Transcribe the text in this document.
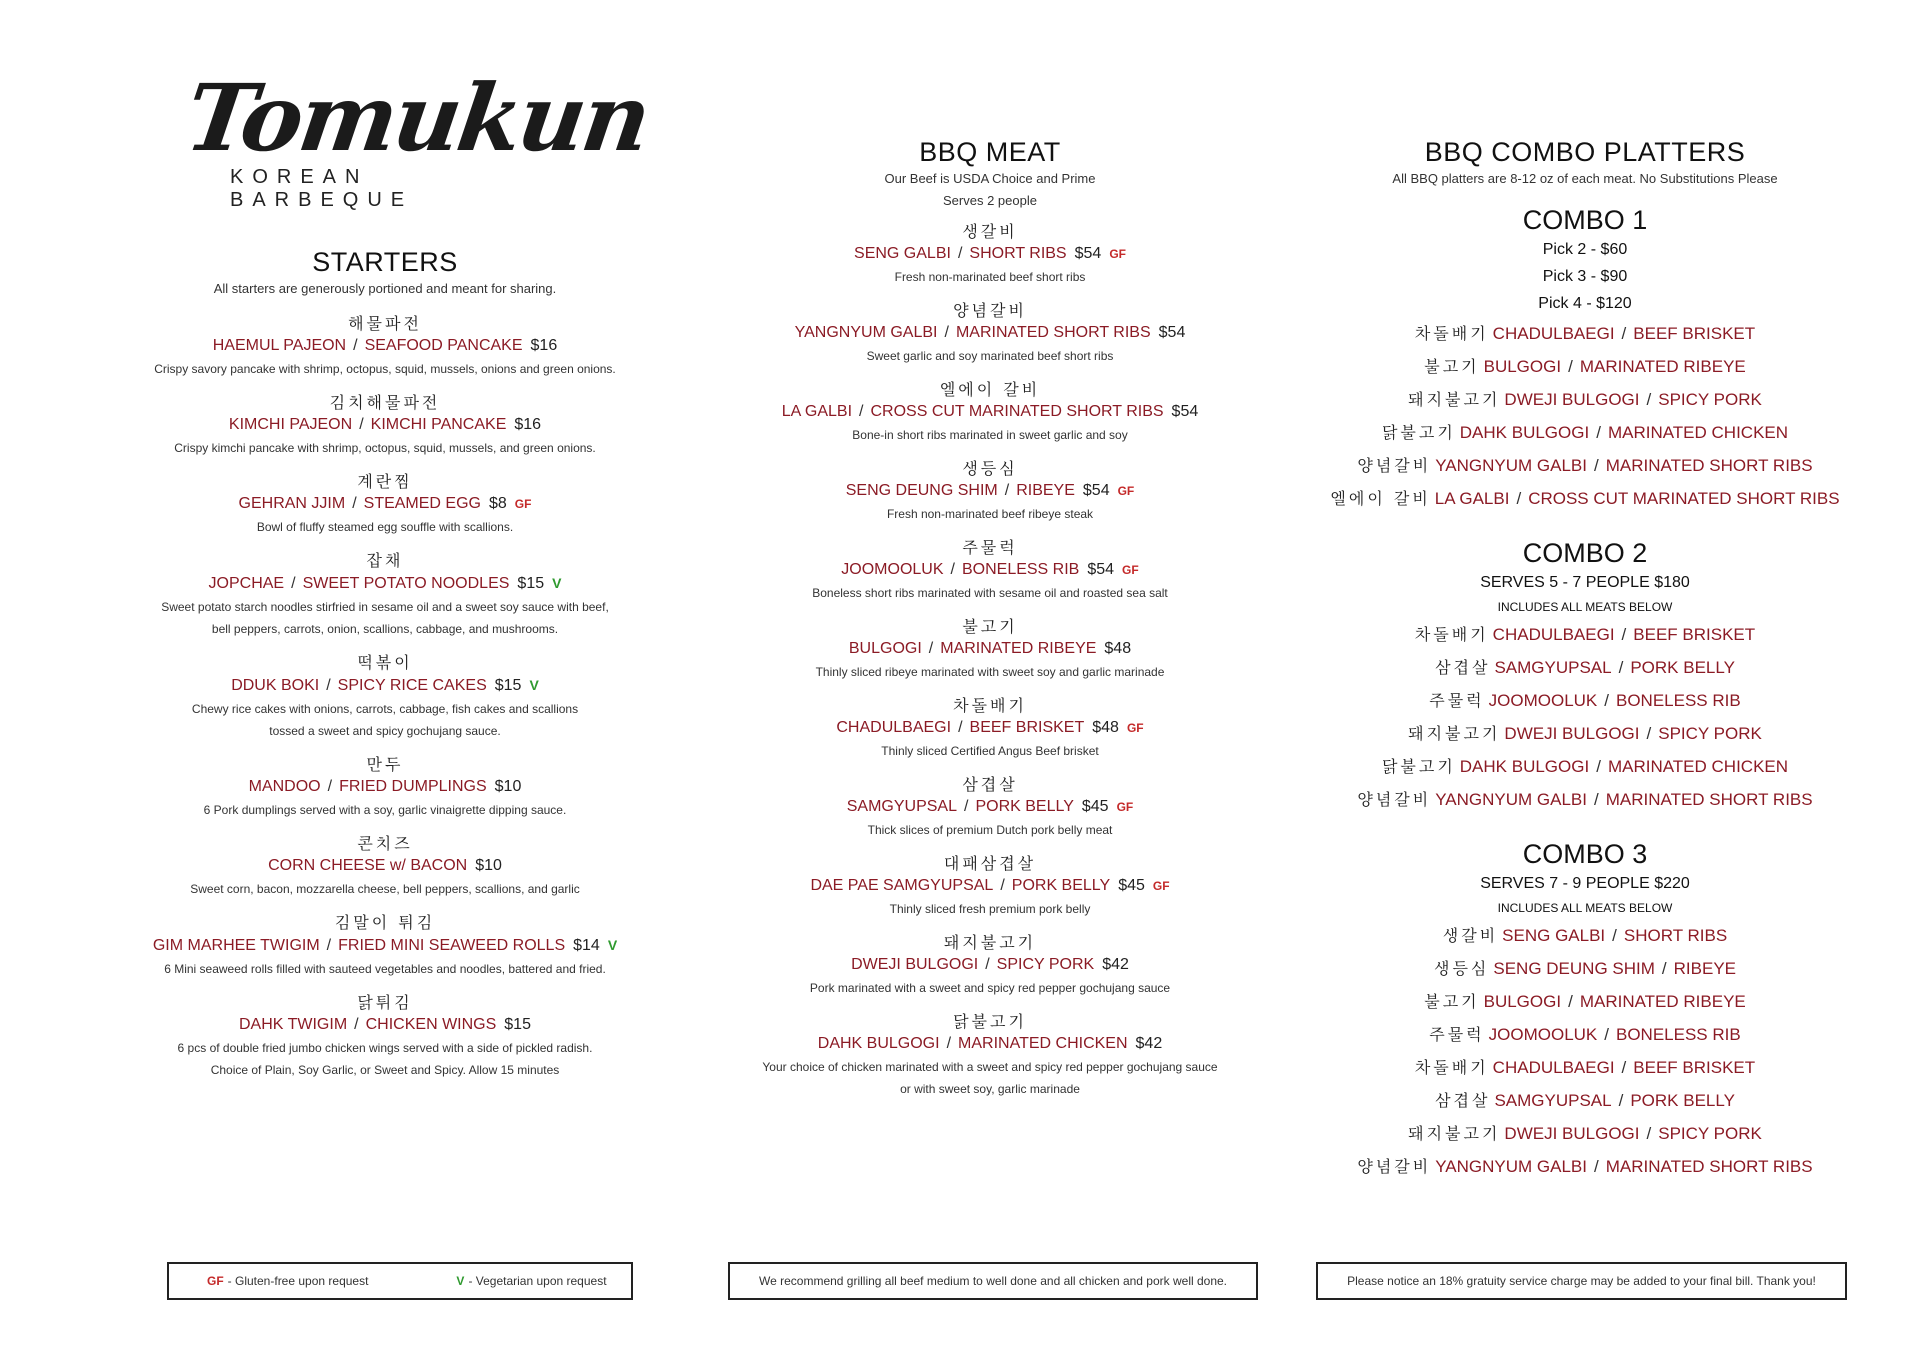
Tomukun
KOREAN BARBEQUE
STARTERS
All starters are generously portioned and meant for sharing.
해물파전
HAEMUL PAJEON / SEAFOOD PANCAKE $16
Crispy savory pancake with shrimp, octopus, squid, mussels, onions and green onions.
김치해물파전
KIMCHI PAJEON / KIMCHI PANCAKE $16
Crispy kimchi pancake with shrimp, octopus, squid, mussels, and green onions.
계란찜
GEHRAN JJIM / STEAMED EGG $8 GF
Bowl of fluffy steamed egg souffle with scallions.
잡채
JOPCHAE / SWEET POTATO NOODLES $15 V
Sweet potato starch noodles stirfried in sesame oil and a sweet soy sauce with beef,
bell peppers, carrots, onion, scallions, cabbage, and mushrooms.
떡볶이
DDUK BOKI / SPICY RICE CAKES $15 V
Chewy rice cakes with onions, carrots, cabbage, fish cakes and scallions
tossed a sweet and spicy gochujang sauce.
만두
MANDOO / FRIED DUMPLINGS $10
6 Pork dumplings served with a soy, garlic vinaigrette dipping sauce.
콘치즈
CORN CHEESE w/ BACON $10
Sweet corn, bacon, mozzarella cheese, bell peppers, scallions, and garlic
김말이 튀김
GIM MARHEE TWIGIM / FRIED MINI SEAWEED ROLLS $14 V
6 Mini seaweed rolls filled with sauteed vegetables and noodles, battered and fried.
닭튀김
DAHK TWIGIM / CHICKEN WINGS $15
6 pcs of double fried jumbo chicken wings served with a side of pickled radish.
Choice of Plain, Soy Garlic, or Sweet and Spicy. Allow 15 minutes
BBQ MEAT
Our Beef is USDA Choice and Prime
Serves 2 people
생갈비
SENG GALBI / SHORT RIBS $54 GF
Fresh non-marinated beef short ribs
양념갈비
YANGNYUM GALBI / MARINATED SHORT RIBS $54
Sweet garlic and soy marinated beef short ribs
엘에이 갈비
LA GALBI / CROSS CUT MARINATED SHORT RIBS $54
Bone-in short ribs marinated in sweet garlic and soy
생등심
SENG DEUNG SHIM / RIBEYE $54 GF
Fresh non-marinated beef ribeye steak
주물럭
JOOMOOLUK / BONELESS RIB $54 GF
Boneless short ribs marinated with sesame oil and roasted sea salt
불고기
BULGOGI / MARINATED RIBEYE $48
Thinly sliced ribeye marinated with sweet soy and garlic marinade
차돌배기
CHADULBAEGI / BEEF BRISKET $48 GF
Thinly sliced Certified Angus Beef brisket
삼겹살
SAMGYUPSAL / PORK BELLY $45 GF
Thick slices of premium Dutch pork belly meat
대패삼겹살
DAE PAE SAMGYUPSAL / PORK BELLY $45 GF
Thinly sliced fresh premium pork belly
돼지불고기
DWEJI BULGOGI / SPICY PORK $42
Pork marinated with a sweet and spicy red pepper gochujang sauce
닭불고기
DAHK BULGOGI / MARINATED CHICKEN $42
Your choice of chicken marinated with a sweet and spicy red pepper gochujang sauce
or with sweet soy, garlic marinade
BBQ COMBO PLATTERS
All BBQ platters are 8-12 oz of each meat. No Substitutions Please
COMBO 1
Pick 2 - $60
Pick 3 - $90
Pick 4 - $120
차돌배기 CHADULBAEGI / BEEF BRISKET
불고기 BULGOGI / MARINATED RIBEYE
돼지불고기 DWEJI BULGOGI / SPICY PORK
닭불고기 DAHK BULGOGI / MARINATED CHICKEN
양념갈비 YANGNYUM GALBI / MARINATED SHORT RIBS
엘에이 갈비 LA GALBI / CROSS CUT MARINATED SHORT RIBS
COMBO 2
SERVES 5 - 7 PEOPLE $180
INCLUDES ALL MEATS BELOW
차돌배기 CHADULBAEGI / BEEF BRISKET
삼겹살 SAMGYUPSAL / PORK BELLY
주물럭 JOOMOOLUK / BONELESS RIB
돼지불고기 DWEJI BULGOGI / SPICY PORK
닭불고기 DAHK BULGOGI / MARINATED CHICKEN
양념갈비 YANGNYUM GALBI / MARINATED SHORT RIBS
COMBO 3
SERVES 7 - 9 PEOPLE $220
INCLUDES ALL MEATS BELOW
생갈비 SENG GALBI / SHORT RIBS
생등심 SENG DEUNG SHIM / RIBEYE
불고기 BULGOGI / MARINATED RIBEYE
주물럭 JOOMOOLUK / BONELESS RIB
차돌배기 CHADULBAEGI / BEEF BRISKET
삼겹살 SAMGYUPSAL / PORK BELLY
돼지불고기 DWEJI BULGOGI / SPICY PORK
양념갈비 YANGNYUM GALBI / MARINATED SHORT RIBS
GF - Gluten-free upon request	V - Vegetarian upon request	We recommend grilling all beef medium to well done and all chicken and pork well done.	Please notice an 18% gratuity service charge may be added to your final bill. Thank you!
